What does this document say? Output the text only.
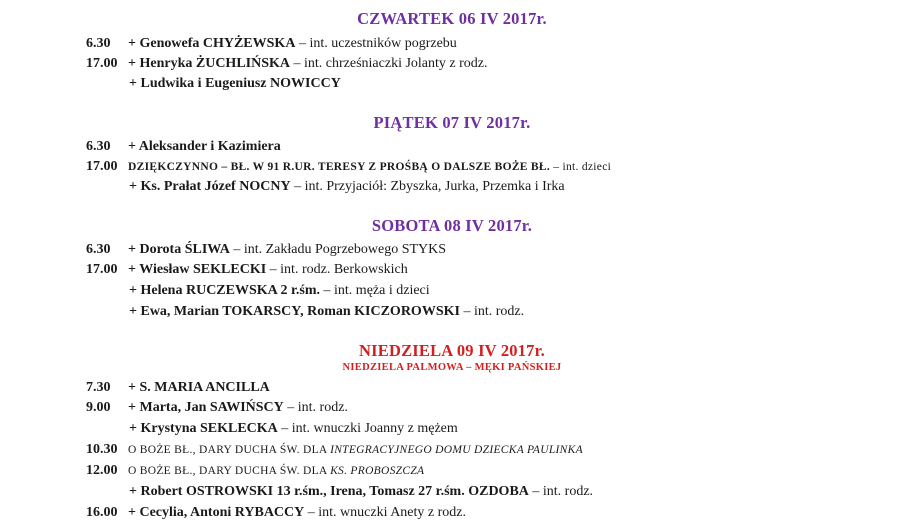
CZWARTEK 06 IV 2017r.
6.30 + Genowefa CHYŻEWSKA – int. uczestników pogrzebu
17.00 + Henryka ŻUCHLIŃSKA – int. chrześniaczki Jolanty z rodz.
+ Ludwika i Eugeniusz NOWICCY
PIĄTEK 07 IV 2017r.
6.30 + Aleksander i Kazimiera
17.00 DZIĘKCZYNNO – BŁ. W 91 R.UR. TERESY Z PROŚBĄ O DALSZE BOŻE BŁ. – int. dzieci
+ Ks. Prałat Józef NOCNY – int. Przyjaciół: Zbyszka, Jurka, Przemka i Irka
SOBOTA 08 IV 2017r.
6.30 + Dorota ŚLIWA – int. Zakładu Pogrzebowego STYKS
17.00 + Wiesław SEKLECKI – int. rodz. Berkowskich
+ Helena RUCZEWSKA 2 r.śm. – int. męża i dzieci
+ Ewa, Marian TOKARSCY, Roman KICZOROWSKI – int. rodz.
NIEDZIELA 09 IV 2017r.
NIEDZIELA PALMOWA – MĘKI PAŃSKIEJ
7.30 + S. MARIA ANCILLA
9.00 + Marta, Jan SAWIŃSCY – int. rodz.
+ Krystyna SEKLECKA – int. wnuczki Joanny z mężem
10.30 O BOŻE BŁ., DARY DUCHA ŚW. DLA INTEGRACYJNEGO DOMU DZIECKA PAULINKA
12.00 O BOŻE BŁ., DARY DUCHA ŚW. DLA KS. PROBOSZCZA
+ Robert OSTROWSKI 13 r.śm., Irena, Tomasz 27 r.śm. OZDOBA – int. rodz.
16.00 + Cecylia, Antoni RYBACCY – int. wnuczki Anety z rodz.
